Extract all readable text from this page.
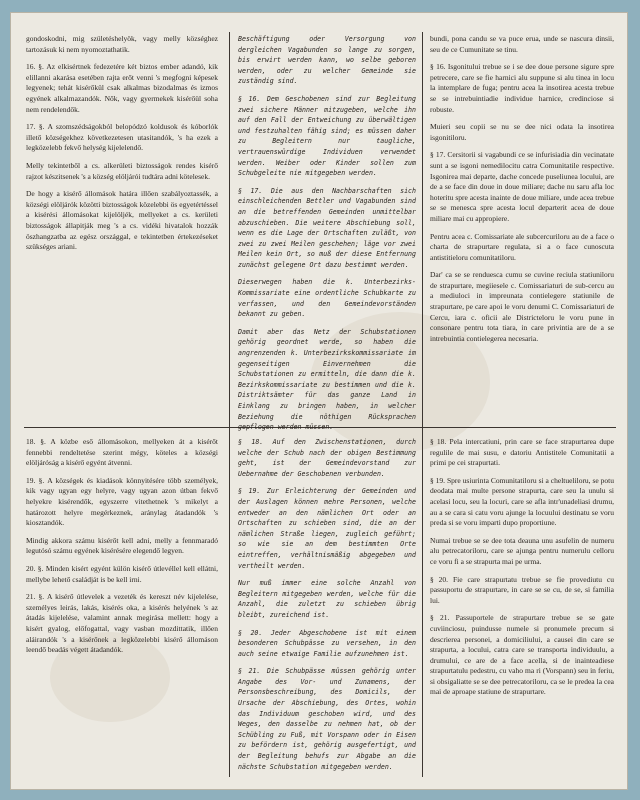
gondoskodni, mig születéshelyök, vagy melly községhez tartozásuk ki nem nyomoztathatik.

16. §. Az elkisértnek fedezetére két biztos ember adandó, kik elillanni akarása esetében rajta erőt venni 's megfogni képesek legyenek; tehát kisérőkül csak alkalmas bizodalmas és izmos egyének alkalmazandók. Nők, vagy gyermekek kisérőül soha nem rendelendők.

17. §. A szomszédságokból belopódzó koldusok és kóborlók illető községekhez következetesen utasitandók, 's ha ezek a legközelebb fekvő helység kijelelendő.

Melly tekintetből a cs. alkerületi biztosságok rendes kisérő rajzot készitsenek 's a község elöljárói tudtára adni kötelesek.

De hogy a kisérő állomások határa illően szabályoztassék, a községi elöljárók közötti biztosságok közelebbi ös egyetértéssel a kisérési állomásokat kijelöljék, mellyeket a cs. kerületi biztosságok állapitják meg 's a cs. vidéki hivatalok hozzák öszhangzatba az egész országgal, e tekintetben értekezéseket szükséges ariani.

Beschäftigung oder Versorgung von dergleichen Vagabunden so lange zu sorgen, bis erwirt werden kann, wo selbe geboren werden, oder zu welcher Gemeinde sie zuständig sind.

§ 16. Dem Geschobenen sind zur Begleitung zwei sichere Männer mitzugeben, welche ihn auf den Fall der Entweichung zu überwältigen und festzuhalten fähig sind; es müssen daher zu Begleitern nur taugliche, vertrauenswürdige Individuen verwendet werden. Weiber oder Kinder sollen zum Schubgeleite nie mitgegeben werden.

§ 17. Die aus den Nachbarschaften sich einschleichenden Bettler und Vagabunden sind an die betreffenden Gemeinden unmittelbar abzuschieben. Die weitere Abschiebung soll, wenn es die Lage der Ortschaften zuläßt, von zwei zu zwei Meilen geschehen; läge vor zwei Meilen kein Ort, so muß der diese Entfernung zunächst gelegene Ort dazu bestimmt werden.

Dieserwegen haben die k. Unterbezirks-Kommissariate eine ordentliche Schubkarte zu verfassen, und den Gemeindevorständen bekannt zu geben.

Damit aber das Netz der Schubstationen gehörig geordnet werde, so haben die angrenzenden k. Unterbezirkskommissariate im gegenseitigen Einvernehmen die Schubstationen zu ermitteln, die dann die k. Bezirkskommissariate zu bestimmen und die k. Distriktsämter für das ganze Land in Einklang zu bringen haben, in welcher Beziehung die nöthigen Rücksprachen gepflogen werden müssen.

bundi, pona candu se va puce erua, unde se nascura dinsii, seu de ce Cumunitate se tinu.

§ 16. Isgonitului trebue se i se dee doue persone sigure spre petrecere, care se fie harnici alu suppune si alu tinea in locu la intemplare de fuga; pentru acea la insotirea acesta trebue se se intrebuintiadie individue harnice, credinciose si robuste.

Muieri seu copii se nu se dee nici odata la insotirea isgonitiloru.

§ 17. Cersitorii si vagabundi ce se infurisiadia din vecinatate sunt a se isgoni nemedilocitu catra Comunitatile respective. Isgonirea mai departe, dache concede puseliunea locului, are de a se face din doue in doue miliare; dache nu saru afla loc hoteritu spre acesta inainte de doue miliare, unde acea trebue se se menesca spre acesta locul departerit acea de doue miliare mai cu appropiere.

Pentru acea c. Comissariate ale subcercuriloru au de a face o charta de strapurtare regulata, si a o face cunoscuta antistitieloru comunitatiloru.

Dar' ca se se renduesca cumu se cuvine reciula statiuniloru de strapurtare, megiiesele c. Comissariaturi de sub-cercu au a mediuloci in impreunata contielegere statiunile de strapurtare, pe care apoi le voru denumi C. Comissariaturi de Cercu, iara c. oficii ale Districteloru le voru pune in consonare pentru tota tiara, in care privintia are de a se intrebuintia contielegerea necesaria.

18. §. A közbe eső állomásokon, mellyeken át a kisérőt fennebbi rendeltetése szerint mégy, köteles a községi elöljáróság a kisérő egyént átvenni.

19. §. A községek és kiadások könnyitésére több személyek, kik vagy ugyan egy helyre, vagy ugyan azon útban fekvő helyekre kisérendők, egyszerre vitethetnek 's mikelyt a határozott helyre megérkeznek, aránylag átadandók 's kiosztandók.

Mindig akkora számu kisérőt kell adni, melly a fennmaradó legutósó számu egyének kisérésére elegendő legyen.

20. §. Minden kisért egyént külön kisérő útlevéllel kell ellátni, mellybe lehető családját is be kell irni.

21. §. A kisérő útlevelek a vezeték és kereszt név kijelelése, személyes leirás, lakás, kisérés oka, a kisérés helyének 's az átadás kijelelése, valamint annak megirása mellett: hogy a kisért gyalog, előfogattal, vagy vasban mozdittatik, illően aláirandók 's a kisérőnek a legközelebbi kisérő állomáson leendő beadás végett átadandók.

§ 18. Auf den Zwischenstationen, durch welche der Schub nach der obigen Bestimmung geht, ist der Gemeindevorstand zur Uebernahme der Geschobenen verbunden.

§ 19. Zur Erleichterung der Gemeinden und der Auslagen können mehre Personen, welche entweder an den nämlichen Ort oder an Ortschaften zu schieben sind, die an der nämlichen Straße liegen, zugleich geführt; so wie sie an dem bestimmten Orte eintreffen, verhältnismäßig abgegeben und vertheilt werden.

Nur muß immer eine solche Anzahl von Begleitern mitgegeben werden, welche für die Anzahl, die zuletzt zu schieben übrig bleibt, zureichend ist.

§ 20. Jeder Abgeschobene ist mit einem besonderen Schubpässe zu versehen, in den auch seine etwaige Familie aufzunehmen ist.

§ 21. Die Schubpässe müssen gehörig unter Angabe des Vor- und Zunamens, der Personsbeschreibung, des Domicils, der Ursache der Abschiebung, des Ortes, wohin das Individuum geschoben wird, und des Weges, den dasselbe zu nehmen hat, ob der Schübling zu Fuß, mit Vorspann oder in Eisen zu befördern ist, gehörig ausgefertigt, und der Begleitung behufs zur Abgabe an die nächste Schubstation mitgegeben werden.

§ 18. Pela intercatiuni, prin care se face strapurtarea dupe regulile de mai susu, e datoriu Antistitele Comunitatii a primi pe cei strapurtati.

§ 19. Spre usiurinta Comunitatiloru si a cheltueliloru, se potu deodata mai multe persone strapurta, care seu la unulu si acelasi locu, seu la locuri, care se afla intr'unadeliasi drumu, au a se cara si catu voru ajunge la locuului destinatu se voru preda si se voru imparti dupo proportiune.

Numai trebue se se dee tota deauna unu asufelin de numeru alu petrecatoriloru, care se ajunga pentru numerulu celloru ce voru fi a se strapurta mai pe urma.

§ 20. Fie care strapurtatu trebue se fie provediutu cu passuportu de strapurtare, in care se se cu, de se, si familia lui.

§ 21. Passuportele de strapurtare trebue se se gate cuviinciosu, puindusse numele si pronumele precum si descrierea personei, a domiciliului, a causei din care se strapurta, a locului, catra care se transporta individuulu, a drumului, ce are de a face acella, si de inainteadiese strapurtatulu pedestru, cu vaho ma ri (Vorspann) seu in feriu, si obsigaliatte se se dee petrecatoriloru, ca se le predea la cea mai de aproape statiune de strapurtare.
